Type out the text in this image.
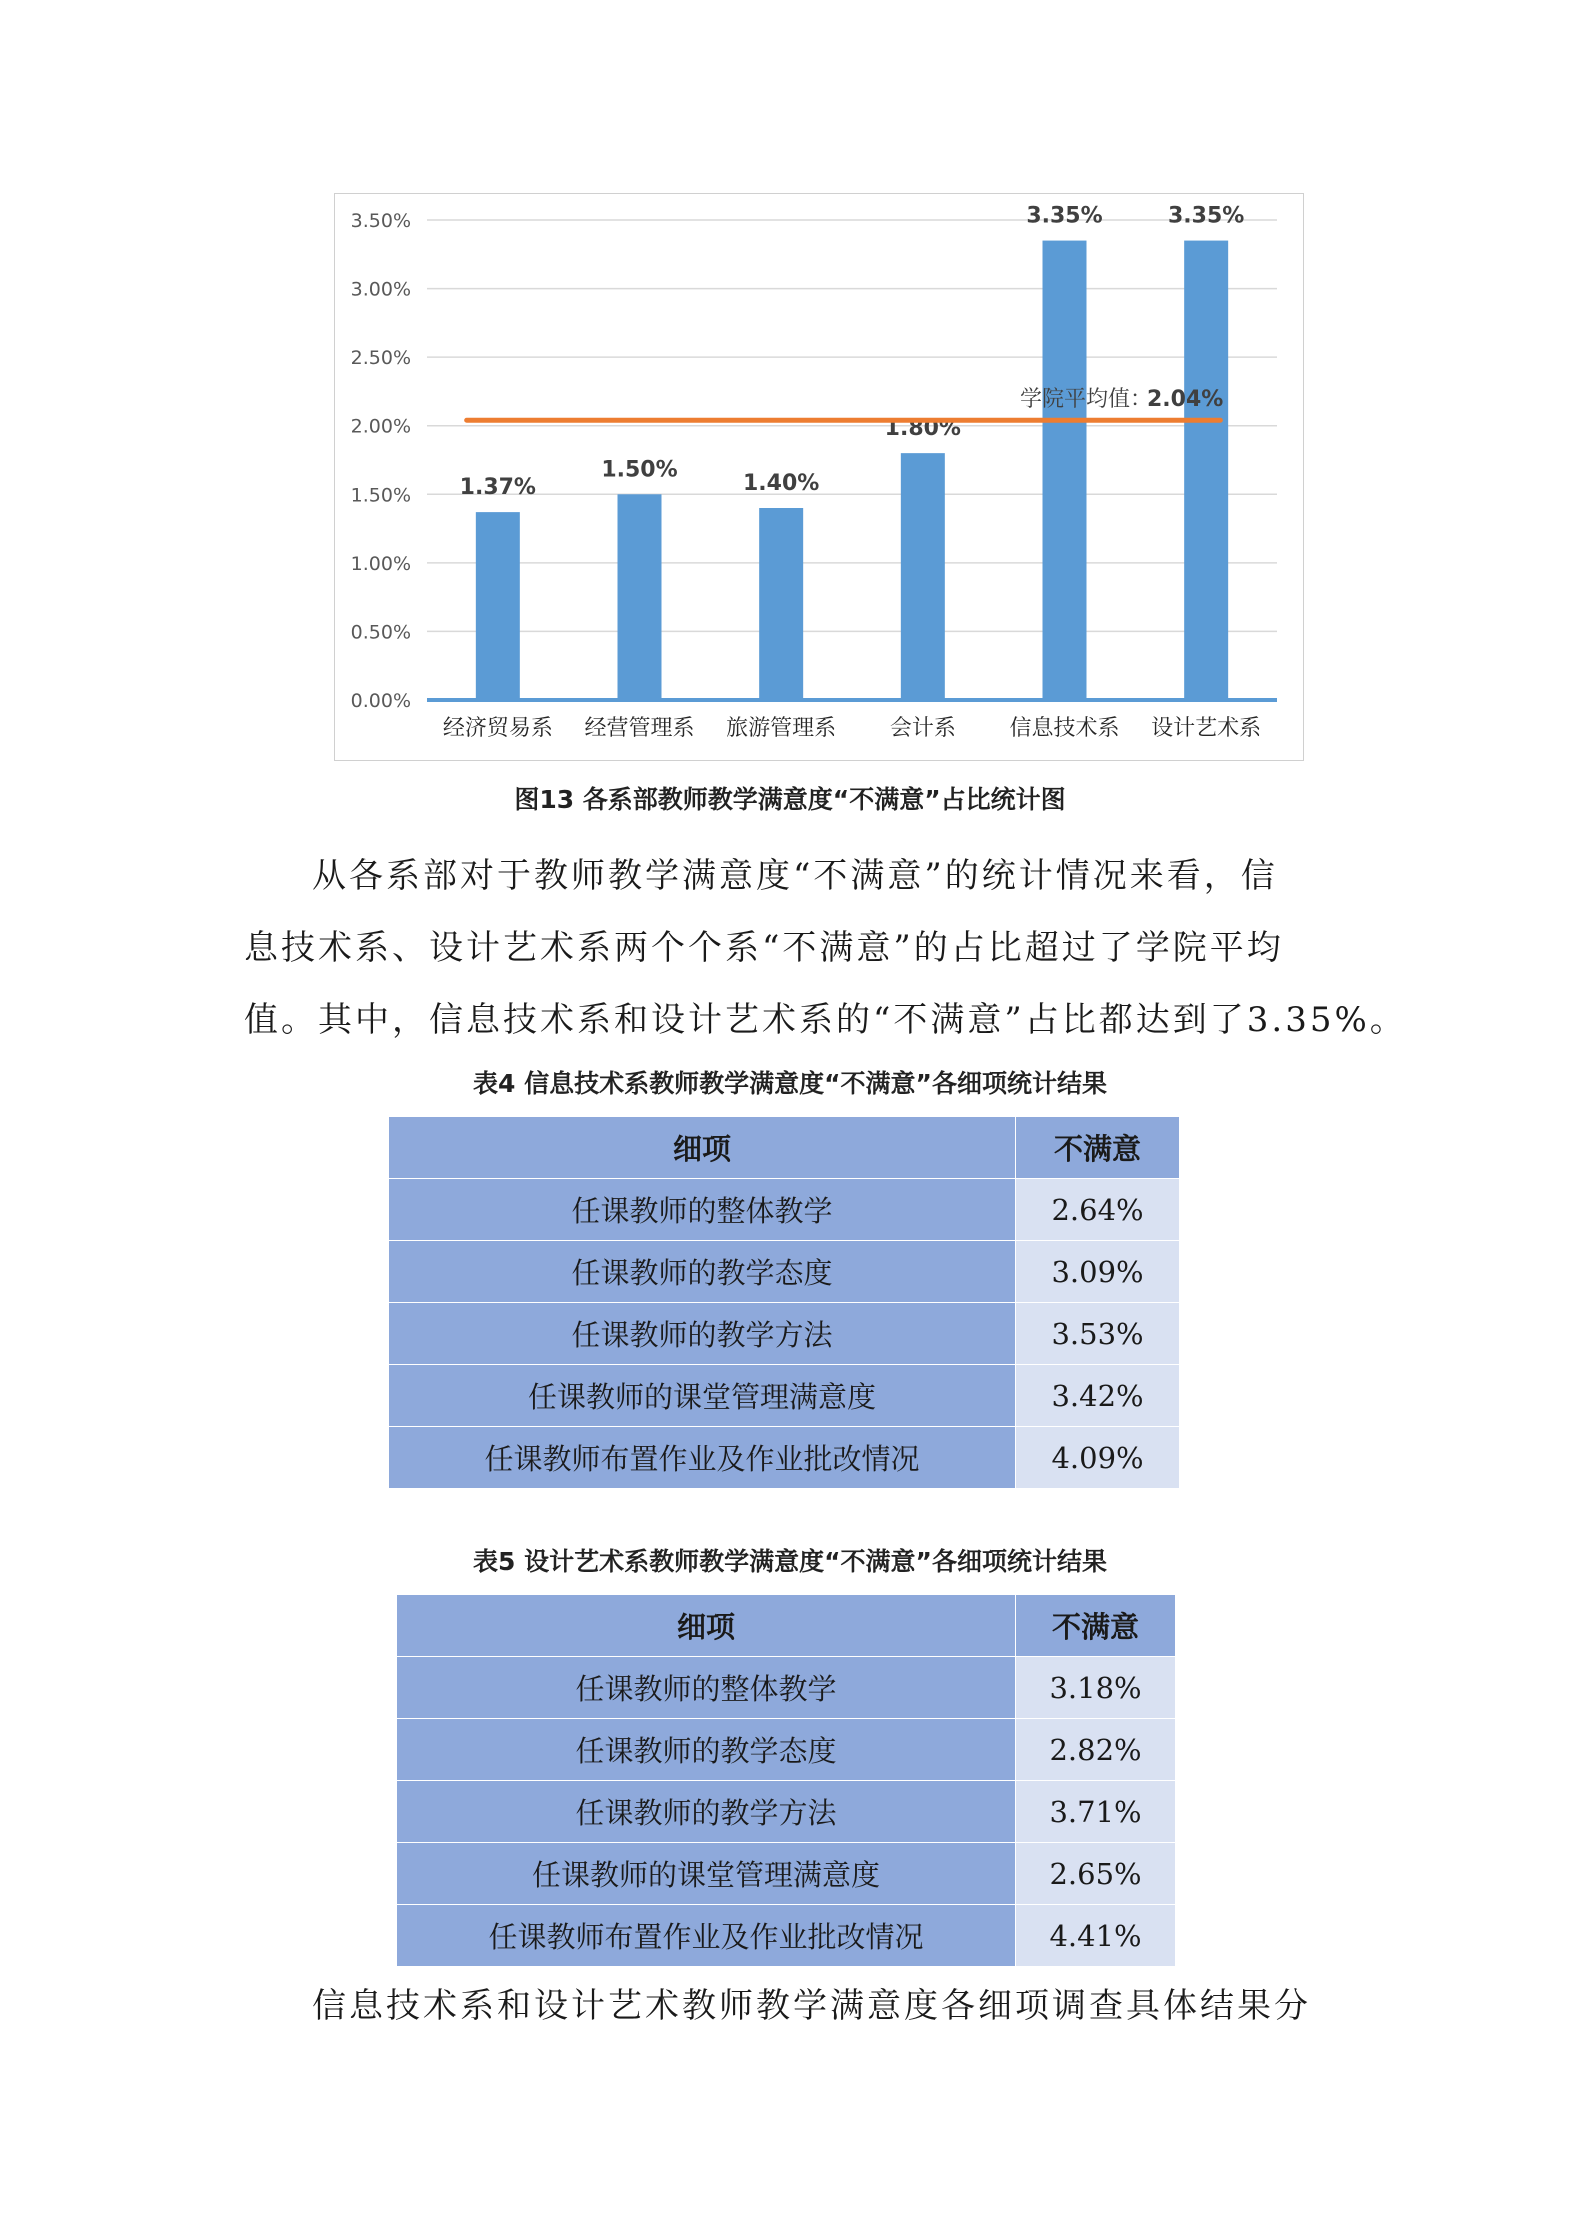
0.00%
0.50%
1.00%
1.50%
2.00%
2.50%
3.00%
3.50%
1.37%
经济贸易系
1.50%
经营管理系
1.40%
旅游管理系
1.80%
会计系
3.35%
信息技术系
3.35%
设计艺术系
学院平均值：
2.04%
图13 各系部教师教学满意度“不满意”占比统计图
从各系部对于教师教学满意度“不满意”的统计情况来看，信
息技术系、设计艺术系两个个系“不满意”的占比超过了学院平均
值。其中，信息技术系和设计艺术系的“不满意”占比都达到了3.35%。
表4 信息技术系教师教学满意度“不满意”各细项统计结果
细项	不满意
任课教师的整体教学	2.64%
任课教师的教学态度	3.09%
任课教师的教学方法	3.53%
任课教师的课堂管理满意度	3.42%
任课教师布置作业及作业批改情况	4.09%
表5 设计艺术系教师教学满意度“不满意”各细项统计结果
细项	不满意
任课教师的整体教学	3.18%
任课教师的教学态度	2.82%
任课教师的教学方法	3.71%
任课教师的课堂管理满意度	2.65%
任课教师布置作业及作业批改情况	4.41%
信息技术系和设计艺术教师教学满意度各细项调查具体结果分
